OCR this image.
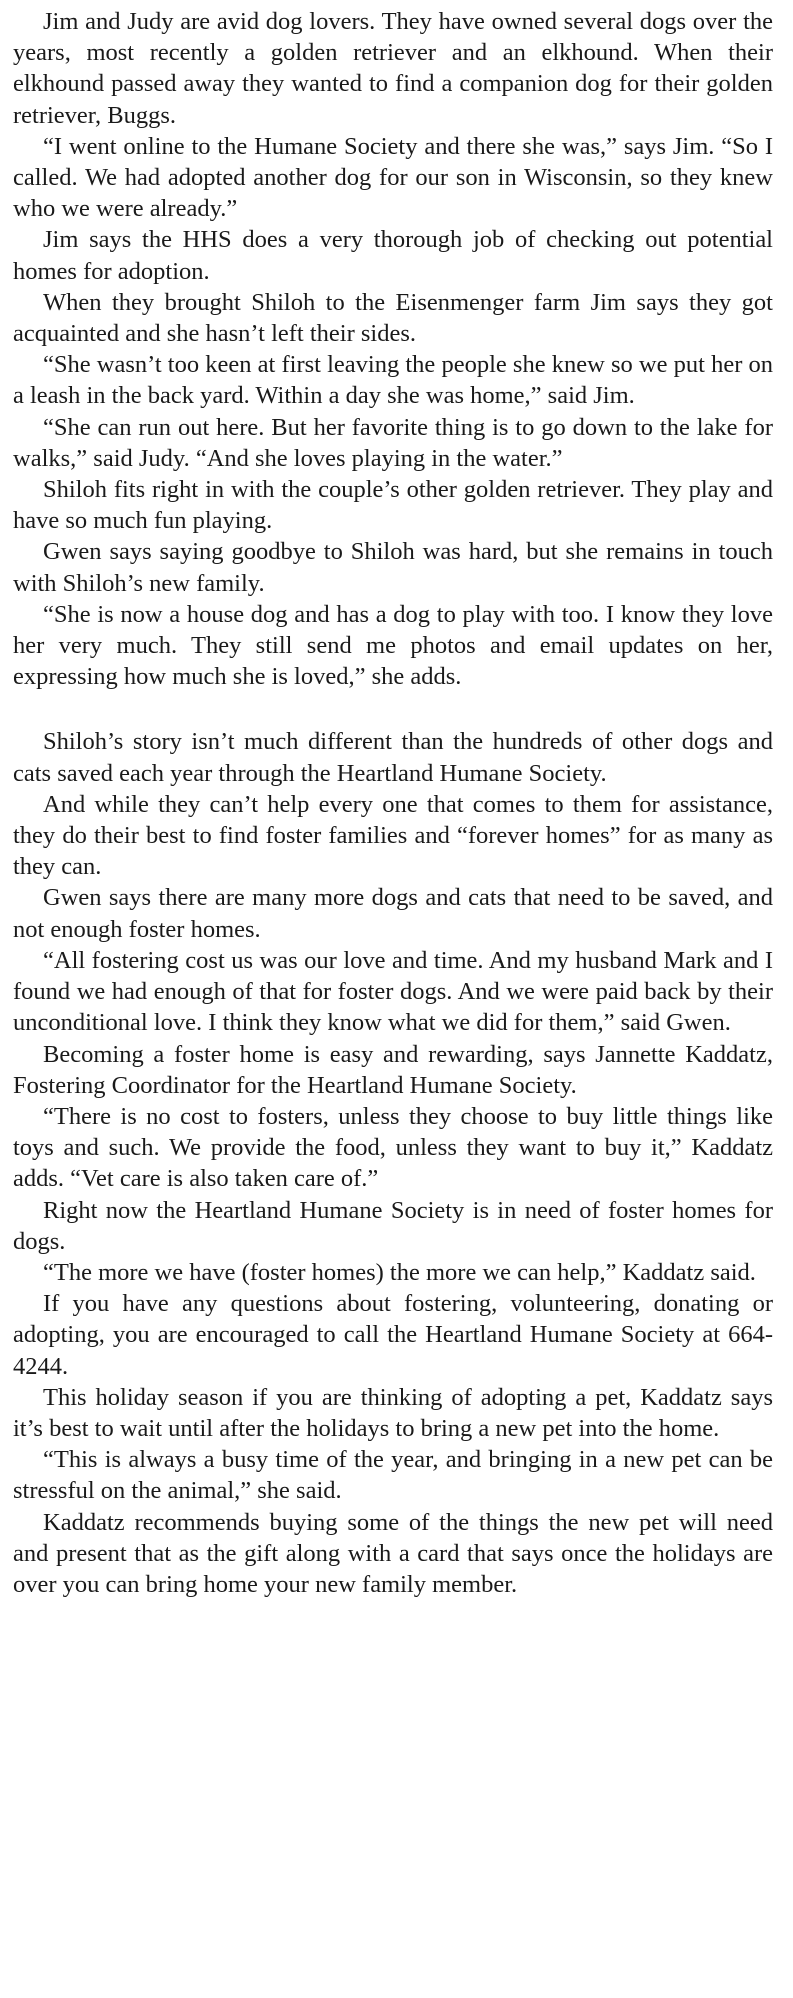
Jim and Judy are avid dog lovers. They have owned several dogs over the years, most recently a golden retriever and an elkhound. When their elkhound passed away they wanted to find a companion dog for their golden retriever, Buggs.

“I went online to the Humane Society and there she was,” says Jim. “So I called. We had adopted another dog for our son in Wisconsin, so they knew who we were already.”

Jim says the HHS does a very thorough job of checking out potential homes for adoption.

When they brought Shiloh to the Eisenmenger farm Jim says they got acquainted and she hasn’t left their sides.

“She wasn’t too keen at first leaving the people she knew so we put her on a leash in the back yard. Within a day she was home,” said Jim.

“She can run out here. But her favorite thing is to go down to the lake for walks,” said Judy. “And she loves playing in the water.”

Shiloh fits right in with the couple’s other golden retriever. They play and have so much fun playing.

Gwen says saying goodbye to Shiloh was hard, but she remains in touch with Shiloh’s new family.

“She is now a house dog and has a dog to play with too. I know they love her very much. They still send me photos and email updates on her, expressing how much she is loved,” she adds.

Shiloh’s story isn’t much different than the hundreds of other dogs and cats saved each year through the Heartland Humane Society.

And while they can’t help every one that comes to them for assistance, they do their best to find foster families and “forever homes” for as many as they can.

Gwen says there are many more dogs and cats that need to be saved, and not enough foster homes.

“All fostering cost us was our love and time. And my husband Mark and I found we had enough of that for foster dogs. And we were paid back by their unconditional love. I think they know what we did for them,” said Gwen.

Becoming a foster home is easy and rewarding, says Jannette Kaddatz, Fostering Coordinator for the Heartland Humane Society.

“There is no cost to fosters, unless they choose to buy little things like toys and such. We provide the food, unless they want to buy it,” Kaddatz adds. “Vet care is also taken care of.”

Right now the Heartland Humane Society is in need of foster homes for dogs.

“The more we have (foster homes) the more we can help,” Kaddatz said.

If you have any questions about fostering, volunteering, donating or adopting, you are encouraged to call the Heartland Humane Society at 664-4244.

This holiday season if you are thinking of adopting a pet, Kaddatz says it’s best to wait until after the holidays to bring a new pet into the home.

“This is always a busy time of the year, and bringing in a new pet can be stressful on the animal,” she said.

Kaddatz recommends buying some of the things the new pet will need and present that as the gift along with a card that says once the holidays are over you can bring home your new family member.
